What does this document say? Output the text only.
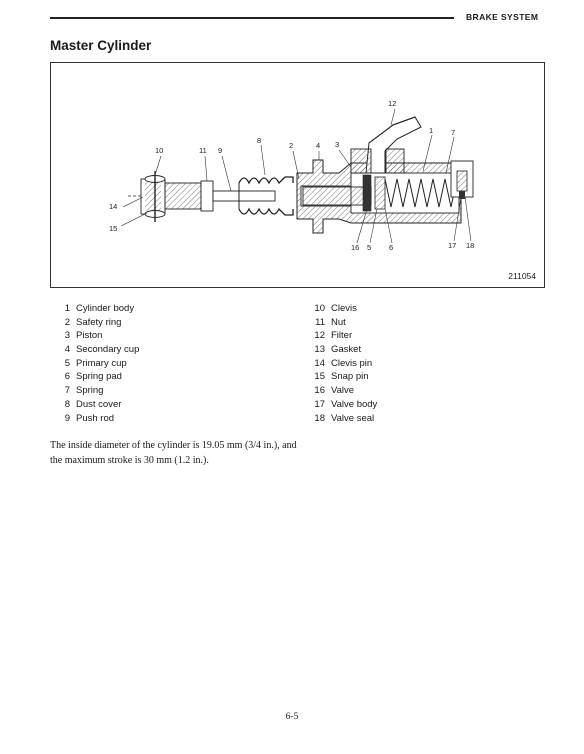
BRAKE SYSTEM
Master Cylinder
10	11 9
8
2	4 3
12
1 7
14
15
16 5 6	17 18
211054
1 Cylinder body
2 Safety ring
3 Piston
4 Secondary cup
5 Primary cup
6 Spring pad
7 Spring
8 Dust cover
9 Push rod
10 Clevis
11 Nut
12 Filter
13 Gasket
14 Clevis pin
15 Snap pin
16 Valve
17 Valve body
18 Valve seal
The inside diameter of the cylinder is 19.05 mm (3/4 in.), and the maximum stroke is 30 mm (1.2 in.).
6-5
